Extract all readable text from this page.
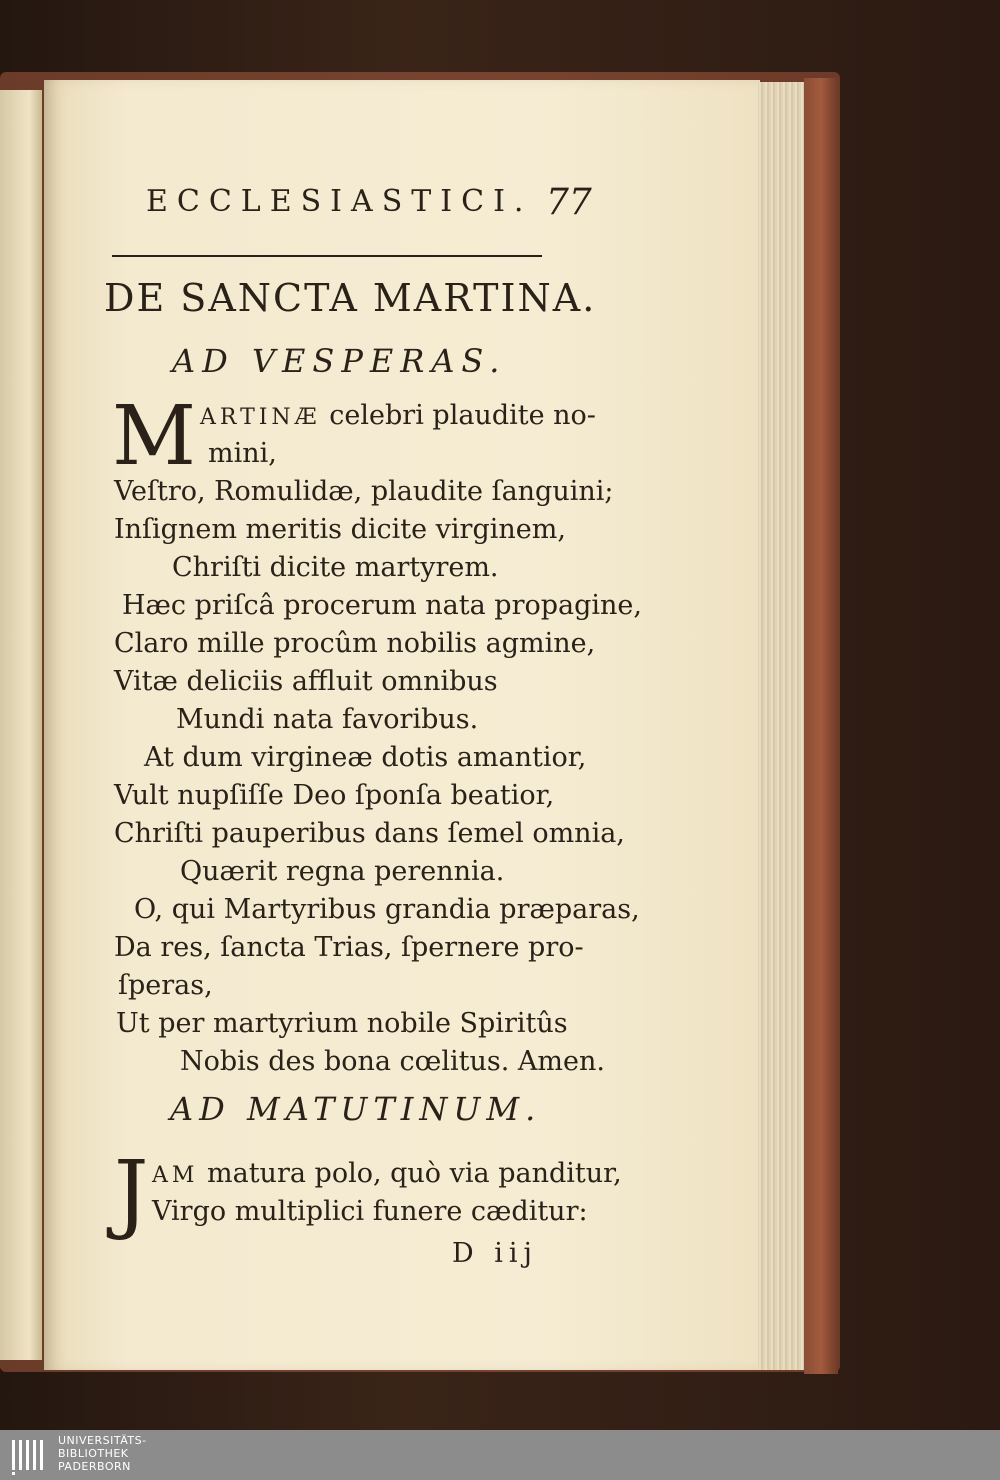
ECCLESIASTICI. 77
DE SANCTA MARTINA.
AD VESPERAS.
M ARTINÆ celebri plaudite no-
mini,
Veſtro, Romulidæ, plaudite ſanguini;
Inſignem meritis dicite virginem,
Chriſti dicite martyrem.
Hæc priſcâ procerum nata propagine,
Claro mille procûm nobilis agmine,
Vitæ deliciis affluit omnibus
Mundi nata favoribus.
At dum virgineæ dotis amantior,
Vult nupſiſſe Deo ſponſa beatior,
Chriſti pauperibus dans ſemel omnia,
Quærit regna perennia.
O, qui Martyribus grandia præparas,
Da res, ſancta Trias, ſpernere pro-
ſperas,
Ut per martyrium nobile Spiritûs
Nobis des bona cœlitus. Amen.
AD MATUTINUM.
J AM matura polo, quò via panditur,
Virgo multiplici funere cæditur:
D iij
UNIVERSITÄTS-
BIBLIOTHEK
PADERBORN
